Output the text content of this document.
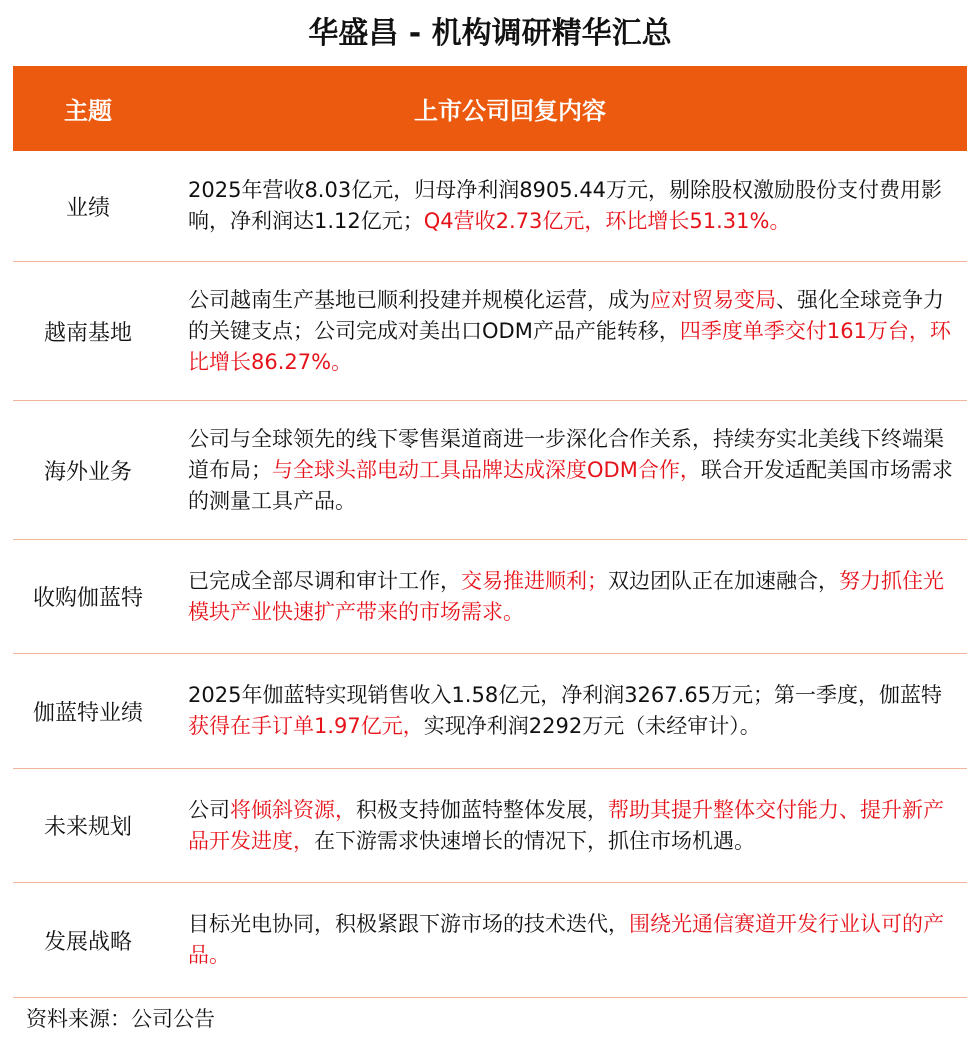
华盛昌 - 机构调研精华汇总
主题	上市公司回复内容
业绩
2025年营收8.03亿元，归母净利润8905.44万元，剔除股权激励股份支付费用影响，净利润达1.12亿元；Q4营收2.73亿元，环比增长51.31%。
越南基地
公司越南生产基地已顺利投建并规模化运营，成为应对贸易变局、强化全球竞争力的关键支点；公司完成对美出口ODM产品产能转移，四季度单季交付161万台，环比增长86.27%。
海外业务
公司与全球领先的线下零售渠道商进一步深化合作关系，持续夯实北美线下终端渠道布局；与全球头部电动工具品牌达成深度ODM合作，联合开发适配美国市场需求的测量工具产品。
收购伽蓝特
已完成全部尽调和审计工作，交易推进顺利；双边团队正在加速融合，努力抓住光模块产业快速扩产带来的市场需求。
伽蓝特业绩
2025年伽蓝特实现销售收入1.58亿元，净利润3267.65万元；第一季度，伽蓝特获得在手订单1.97亿元，实现净利润2292万元（未经审计）。
未来规划
公司将倾斜资源，积极支持伽蓝特整体发展，帮助其提升整体交付能力、提升新产品开发进度，在下游需求快速增长的情况下，抓住市场机遇。
发展战略
目标光电协同，积极紧跟下游市场的技术迭代，围绕光通信赛道开发行业认可的产品。
资料来源：公司公告
